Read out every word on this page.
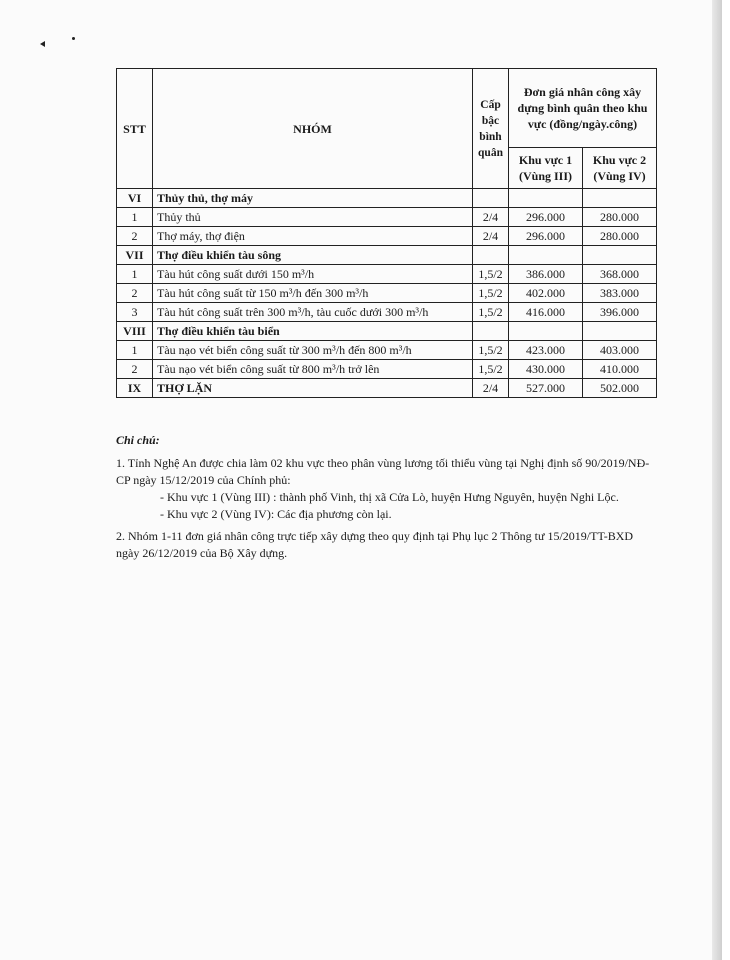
STT	NHÓM	Cấp bậc bình quân	Đơn giá nhân công xây dựng bình quân theo khu vực (đồng/ngày.công)	
			Khu vực 1 (Vùng III)	Khu vực 2 (Vùng IV)
VI	Thủy thủ, thợ máy			
1	Thủy thủ	2/4	296.000	280.000
2	Thợ máy, thợ điện	2/4	296.000	280.000
VII	Thợ điều khiển tàu sông			
1	Tàu hút công suất dưới 150 m³/h	1,5/2	386.000	368.000
2	Tàu hút công suất từ 150 m³/h đến 300 m³/h	1,5/2	402.000	383.000
3	Tàu hút công suất trên 300 m³/h, tàu cuốc dưới 300 m³/h	1,5/2	416.000	396.000
VIII	Thợ điều khiển tàu biển			
1	Tàu nạo vét biển công suất từ 300 m³/h đến 800 m³/h	1,5/2	423.000	403.000
2	Tàu nạo vét biển công suất từ 800 m³/h trở lên	1,5/2	430.000	410.000
IX	THỢ LẶN	2/4	527.000	502.000

Chi chú:

1. Tỉnh Nghệ An được chia làm 02 khu vực theo phân vùng lương tối thiểu vùng tại Nghị định số 90/2019/NĐ-CP ngày 15/12/2019 của Chính phủ:

- Khu vực 1 (Vùng III) : thành phố Vinh, thị xã Cửa Lò, huyện Hưng Nguyên, huyện Nghi Lộc.

- Khu vực 2 (Vùng IV): Các địa phương còn lại.

2. Nhóm 1-11 đơn giá nhân công trực tiếp xây dựng theo quy định tại Phụ lục 2 Thông tư 15/2019/TT-BXD ngày 26/12/2019 của Bộ Xây dựng.
